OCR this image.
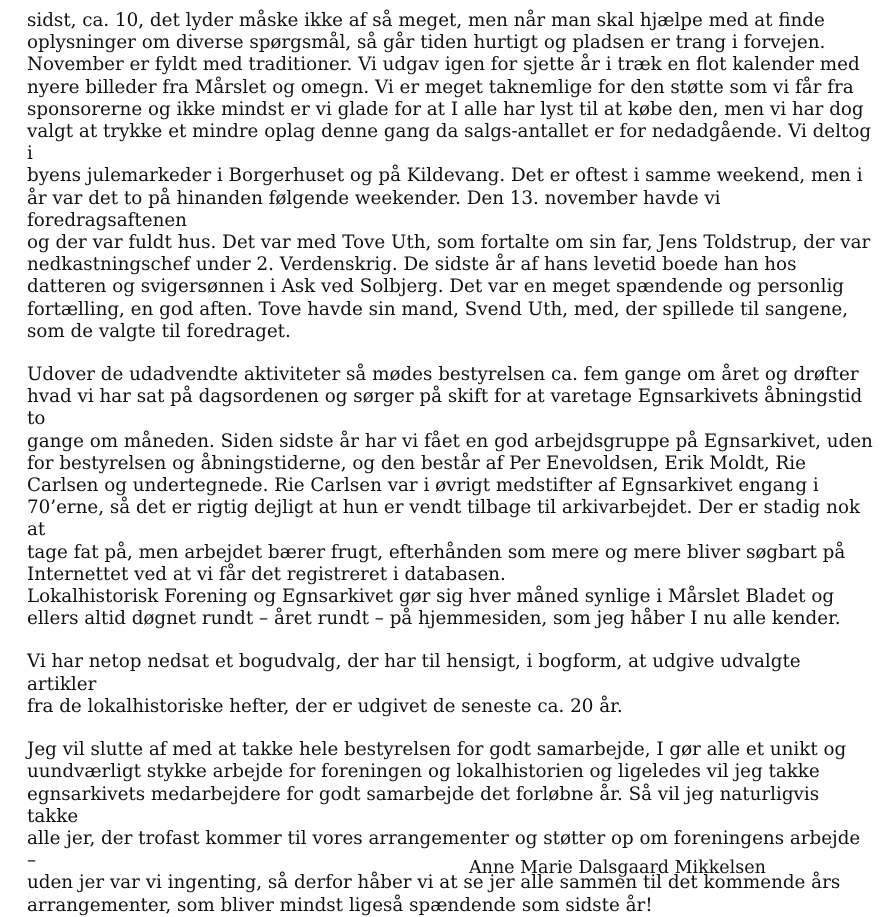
sidst, ca. 10, det lyder måske ikke af så meget, men når man skal hjælpe med at finde
oplysninger om diverse spørgsmål, så går tiden hurtigt og pladsen er trang i forvejen.
November er fyldt med traditioner. Vi udgav igen for sjette år i træk en flot kalender med
nyere billeder fra Mårslet og omegn. Vi er meget taknemlige for den støtte som vi får fra
sponsorerne og ikke mindst er vi glade for at I alle har lyst til at købe den, men vi har dog
valgt at trykke et mindre oplag denne gang da salgs-antallet er for nedadgående. Vi deltog i
byens julemarkeder i Borgerhuset og på Kildevang. Det er oftest i samme weekend, men i
år var det to på hinanden følgende weekender. Den 13. november havde vi foredragsaftenen
og der var fuldt hus. Det var med Tove Uth, som fortalte om sin far, Jens Toldstrup, der var
nedkastningschef under 2. Verdenskrig. De sidste år af hans levetid boede han hos
datteren og svigersønnen i Ask ved Solbjerg. Det var en meget spændende og personlig
fortælling, en god aften. Tove havde sin mand, Svend Uth, med, der spillede til sangene,
som de valgte til foredraget.

Udover de udadvendte aktiviteter så mødes bestyrelsen ca. fem gange om året og drøfter
hvad vi har sat på dagsordenen og sørger på skift for at varetage Egnsarkivets åbningstid to
gange om måneden. Siden sidste år har vi fået en god arbejdsgruppe på Egnsarkivet, uden
for bestyrelsen og åbningstiderne, og den består af Per Enevoldsen, Erik Moldt, Rie
Carlsen og undertegnede. Rie Carlsen var i øvrigt medstifter af Egnsarkivet engang i
70’erne, så det er rigtig dejligt at hun er vendt tilbage til arkivarbejdet. Der er stadig nok at
tage fat på, men arbejdet bærer frugt, efterhånden som mere og mere bliver søgbart på
Internettet ved at vi får det registreret i databasen.
Lokalhistorisk Forening og Egnsarkivet gør sig hver måned synlige i Mårslet Bladet og
ellers altid døgnet rundt – året rundt – på hjemmesiden, som jeg håber I nu alle kender.

Vi har netop nedsat et bogudvalg, der har til hensigt, i bogform, at udgive udvalgte artikler
fra de lokalhistoriske hefter, der er udgivet de seneste ca. 20 år.

Jeg vil slutte af med at takke hele bestyrelsen for godt samarbejde, I gør alle et unikt og
uundværligt stykke arbejde for foreningen og lokalhistorien og ligeledes vil jeg takke
egnsarkivets medarbejdere for godt samarbejde det forløbne år. Så vil jeg naturligvis takke
alle jer, der trofast kommer til vores arrangementer og støtter op om foreningens arbejde –
uden jer var vi ingenting, så derfor håber vi at se jer alle sammen til det kommende års
arrangementer, som bliver mindst ligeså spændende som sidste år!

Anne Marie Dalsgaard Mikkelsen
